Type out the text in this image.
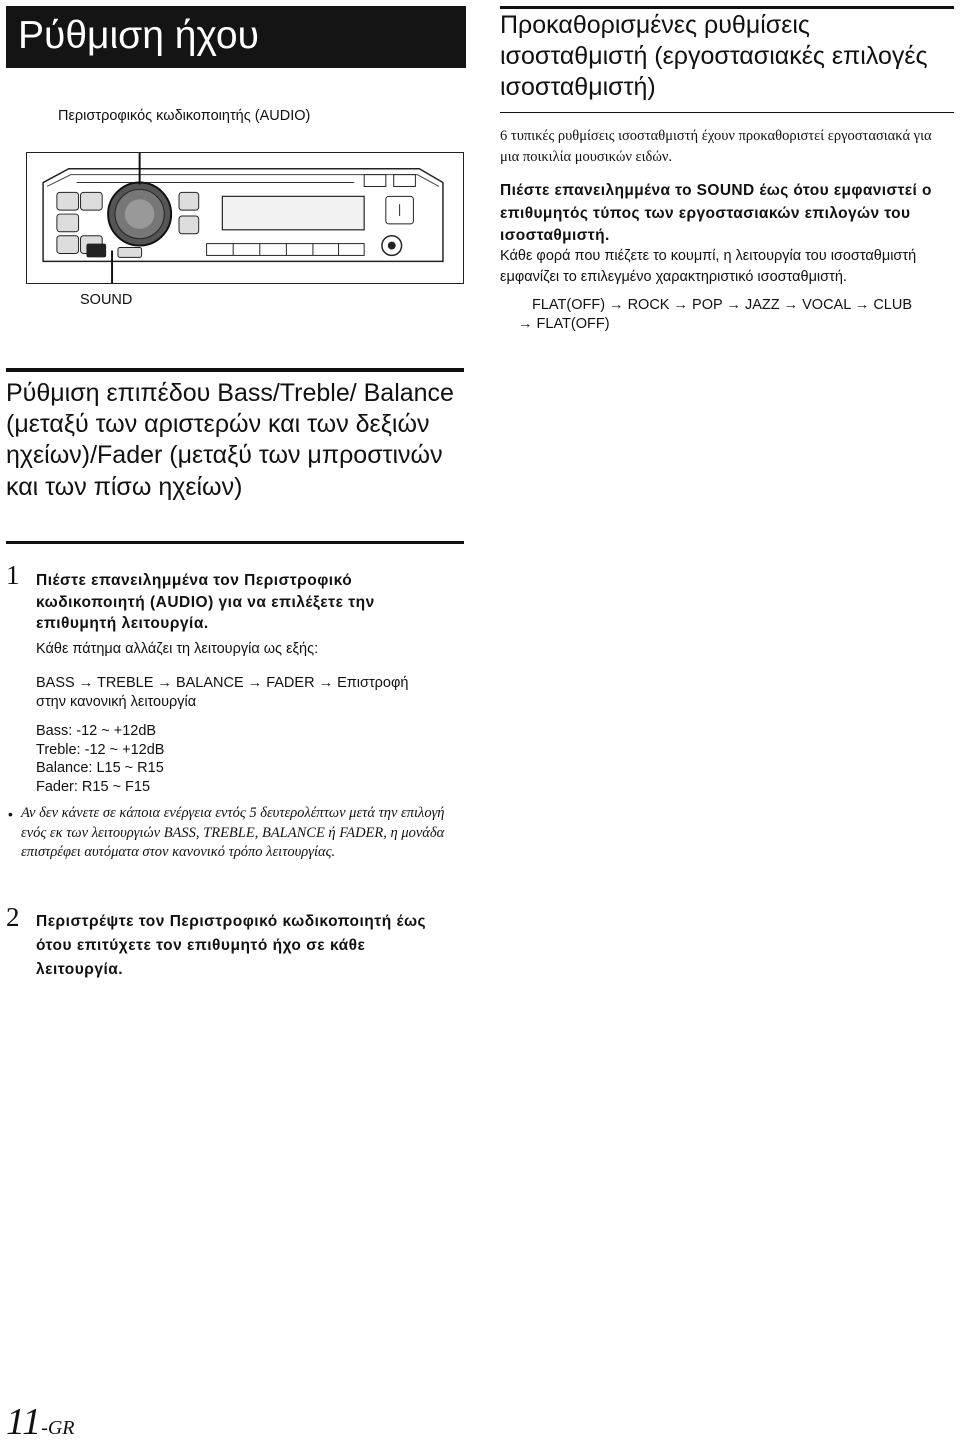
Ρύθμιση ήχου
Περιστροφικός κωδικοποιητής (AUDIO)
SOUND
Ρύθμιση επιπέδου Bass/Treble/ Balance (μεταξύ των αριστερών και των δεξιών ηχείων)/Fader (μεταξύ των μπροστινών και των πίσω ηχείων)
1 Πιέστε επανειλημμένα τον Περιστροφικό κωδικοποιητή (AUDIO) για να επιλέξετε την επιθυμητή λειτουργία.
Κάθε πάτημα αλλάζει τη λειτουργία ως εξής:
BASS → TREBLE → BALANCE → FADER → Επιστροφή
στην κανονική λειτουργία
Bass: -12 ~ +12dB
Treble: -12 ~ +12dB
Balance: L15 ~ R15
Fader: R15 ~ F15
• Αν δεν κάνετε σε κάποια ενέργεια εντός 5 δευτερολέπτων μετά την επιλογή ενός εκ των λειτουργιών BASS, TREBLE, BALANCE ή FADER, η μονάδα επιστρέφει αυτόματα στον κανονικό τρόπο λειτουργίας.
2 Περιστρέψτε τον Περιστροφικό κωδικοποιητή έως ότου επιτύχετε τον επιθυμητό ήχο σε κάθε λειτουργία.
11-GR
Προκαθορισμένες ρυθμίσεις ισοσταθμιστή (εργοστασιακές επιλογές ισοσταθμιστή)
6 τυπικές ρυθμίσεις ισοσταθμιστή έχουν προκαθοριστεί εργοστασιακά για μια ποικιλία μουσικών ειδών.
Πιέστε επανειλημμένα το SOUND έως ότου εμφανιστεί ο επιθυμητός τύπος των εργοστασιακών επιλογών του ισοσταθμιστή.
Κάθε φορά που πιέζετε το κουμπί, η λειτουργία του ισοσταθμιστή εμφανίζει το επιλεγμένο χαρακτηριστικό ισοσταθμιστή.
FLAT(OFF) → ROCK → POP → JAZZ → VOCAL → CLUB
→ FLAT(OFF)
